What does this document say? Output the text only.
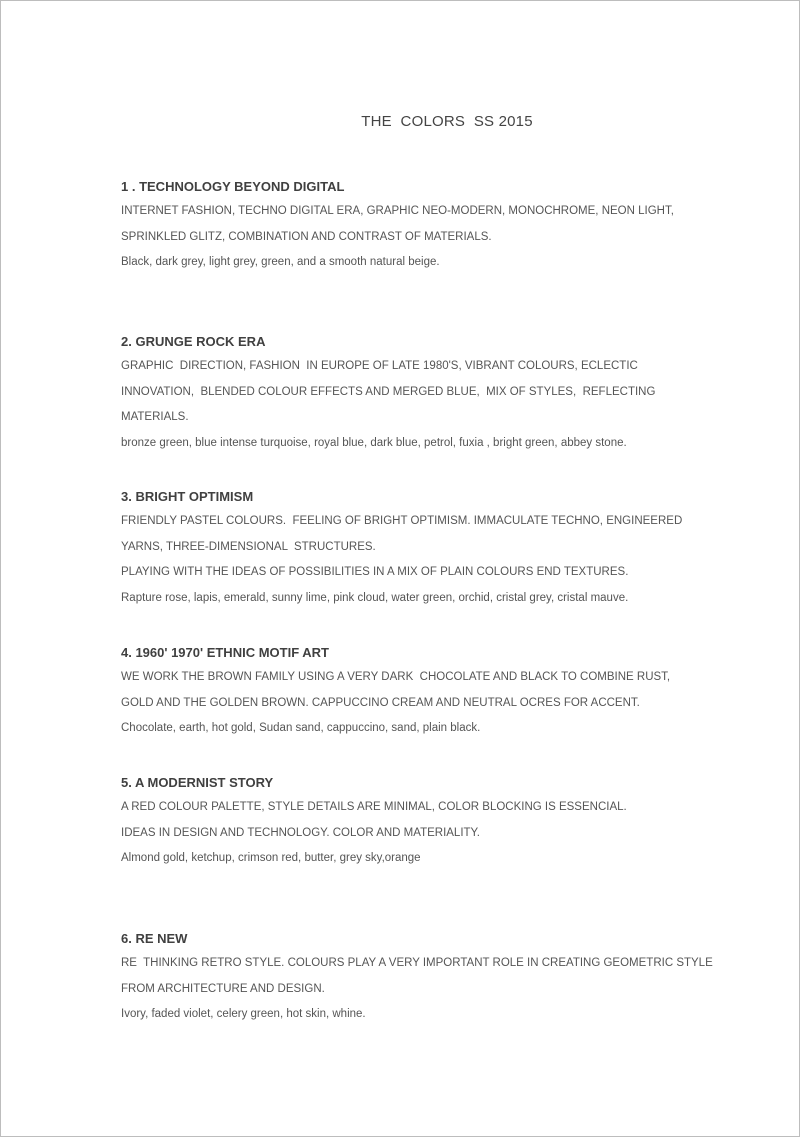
THE  COLORS  SS 2015
1 . TECHNOLOGY BEYOND DIGITAL
INTERNET FASHION, TECHNO DIGITAL ERA, GRAPHIC NEO-MODERN, MONOCHROME, NEON LIGHT,
SPRINKLED GLITZ, COMBINATION AND CONTRAST OF MATERIALS.
Black, dark grey, light grey, green, and a smooth natural beige.
2. GRUNGE ROCK ERA
GRAPHIC  DIRECTION, FASHION  IN EUROPE OF LATE 1980'S, VIBRANT COLOURS, ECLECTIC
INNOVATION,  BLENDED COLOUR EFFECTS AND MERGED BLUE,  MIX OF STYLES,  REFLECTING
MATERIALS.
bronze green, blue intense turquoise, royal blue, dark blue, petrol, fuxia , bright green, abbey stone.
3. BRIGHT OPTIMISM
FRIENDLY PASTEL COLOURS.  FEELING OF BRIGHT OPTIMISM. IMMACULATE TECHNO, ENGINEERED
YARNS, THREE-DIMENSIONAL  STRUCTURES.
PLAYING WITH THE IDEAS OF POSSIBILITIES IN A MIX OF PLAIN COLOURS END TEXTURES.
Rapture rose, lapis, emerald, sunny lime, pink cloud, water green, orchid, cristal grey, cristal mauve.
4. 1960' 1970' ETHNIC MOTIF ART
WE WORK THE BROWN FAMILY USING A VERY DARK  CHOCOLATE AND BLACK TO COMBINE RUST,
GOLD AND THE GOLDEN BROWN. CAPPUCCINO CREAM AND NEUTRAL OCRES FOR ACCENT.
Chocolate, earth, hot gold, Sudan sand, cappuccino, sand, plain black.
5. A MODERNIST STORY
A RED COLOUR PALETTE, STYLE DETAILS ARE MINIMAL, COLOR BLOCKING IS ESSENCIAL.
IDEAS IN DESIGN AND TECHNOLOGY. COLOR AND MATERIALITY.
Almond gold, ketchup, crimson red, butter, grey sky,orange
6. RE NEW
RE  THINKING RETRO STYLE. COLOURS PLAY A VERY IMPORTANT ROLE IN CREATING GEOMETRIC STYLE
FROM ARCHITECTURE AND DESIGN.
Ivory, faded violet, celery green, hot skin, whine.
